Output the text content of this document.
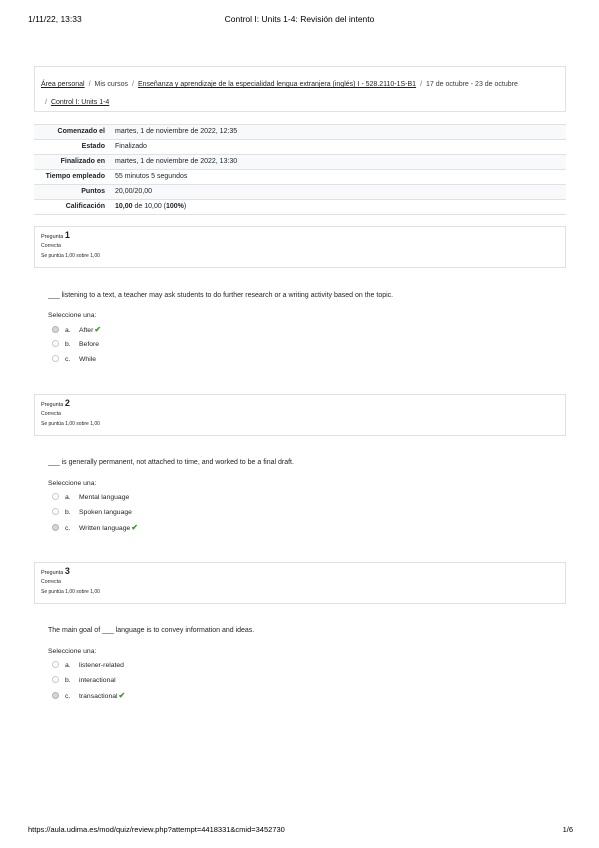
1/11/22, 13:33	Control I: Units 1-4: Revisión del intento
Área personal / Mis cursos / Enseñanza y aprendizaje de la especialidad lengua extranjera (inglés) I - 528.2110-1S-B1 / 17 de octubre - 23 de octubre
/ Control I: Units 1-4
Comenzado el	martes, 1 de noviembre de 2022, 12:35
Estado	Finalizado
Finalizado en	martes, 1 de noviembre de 2022, 13:30
Tiempo empleado	55 minutos 5 segundos
Puntos	20,00/20,00
Calificación	10,00 de 10,00 (100%)
Pregunta 1
Correcta
Se puntúa 1,00 sobre 1,00
___ listening to a text, a teacher may ask students to do further research or a writing activity based on the topic.
Seleccione una:
a. After✔
b. Before
c. While
Pregunta 2
Correcta
Se puntúa 1,00 sobre 1,00
___ is generally permanent, not attached to time, and worked to be a final draft.
Seleccione una:
a. Mental language
b. Spoken language
c. Written language✔
Pregunta 3
Correcta
Se puntúa 1,00 sobre 1,00
The main goal of ___ language is to convey information and ideas.
Seleccione una:
a. listener-related
b. interactional
c. transactional✔
https://aula.udima.es/mod/quiz/review.php?attempt=4418331&cmid=3452730	1/6
